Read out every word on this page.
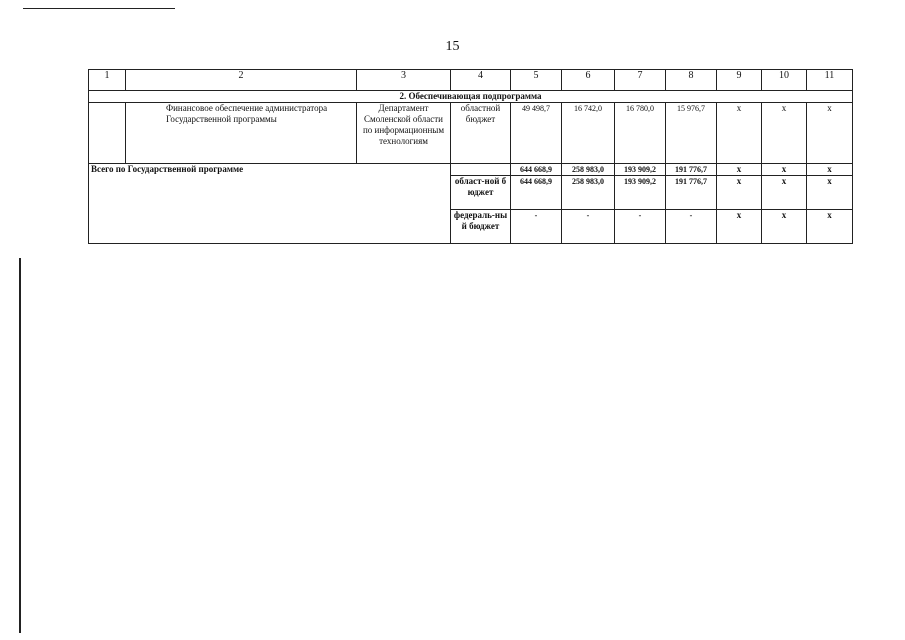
15
1	2	3	4	5	6	7	8	9	10	11
2. Обеспечивающая подпрограмма										
	Финансовое обеспечение администратора Государственной программы	Департамент Смоленской области по информационным технологиям	областной бюджет	49 498,7	16 742,0	16 780,0	15 976,7	х	х	х
Всего по Государственной программе				644 668,9	258 983,0	193 909,2	191 776,7	х	х	х
			област-ной бюджет	644 668,9	258 983,0	193 909,2	191 776,7	х	х	х
			федераль-ный бюджет	-	-	-	-	х	х	х
